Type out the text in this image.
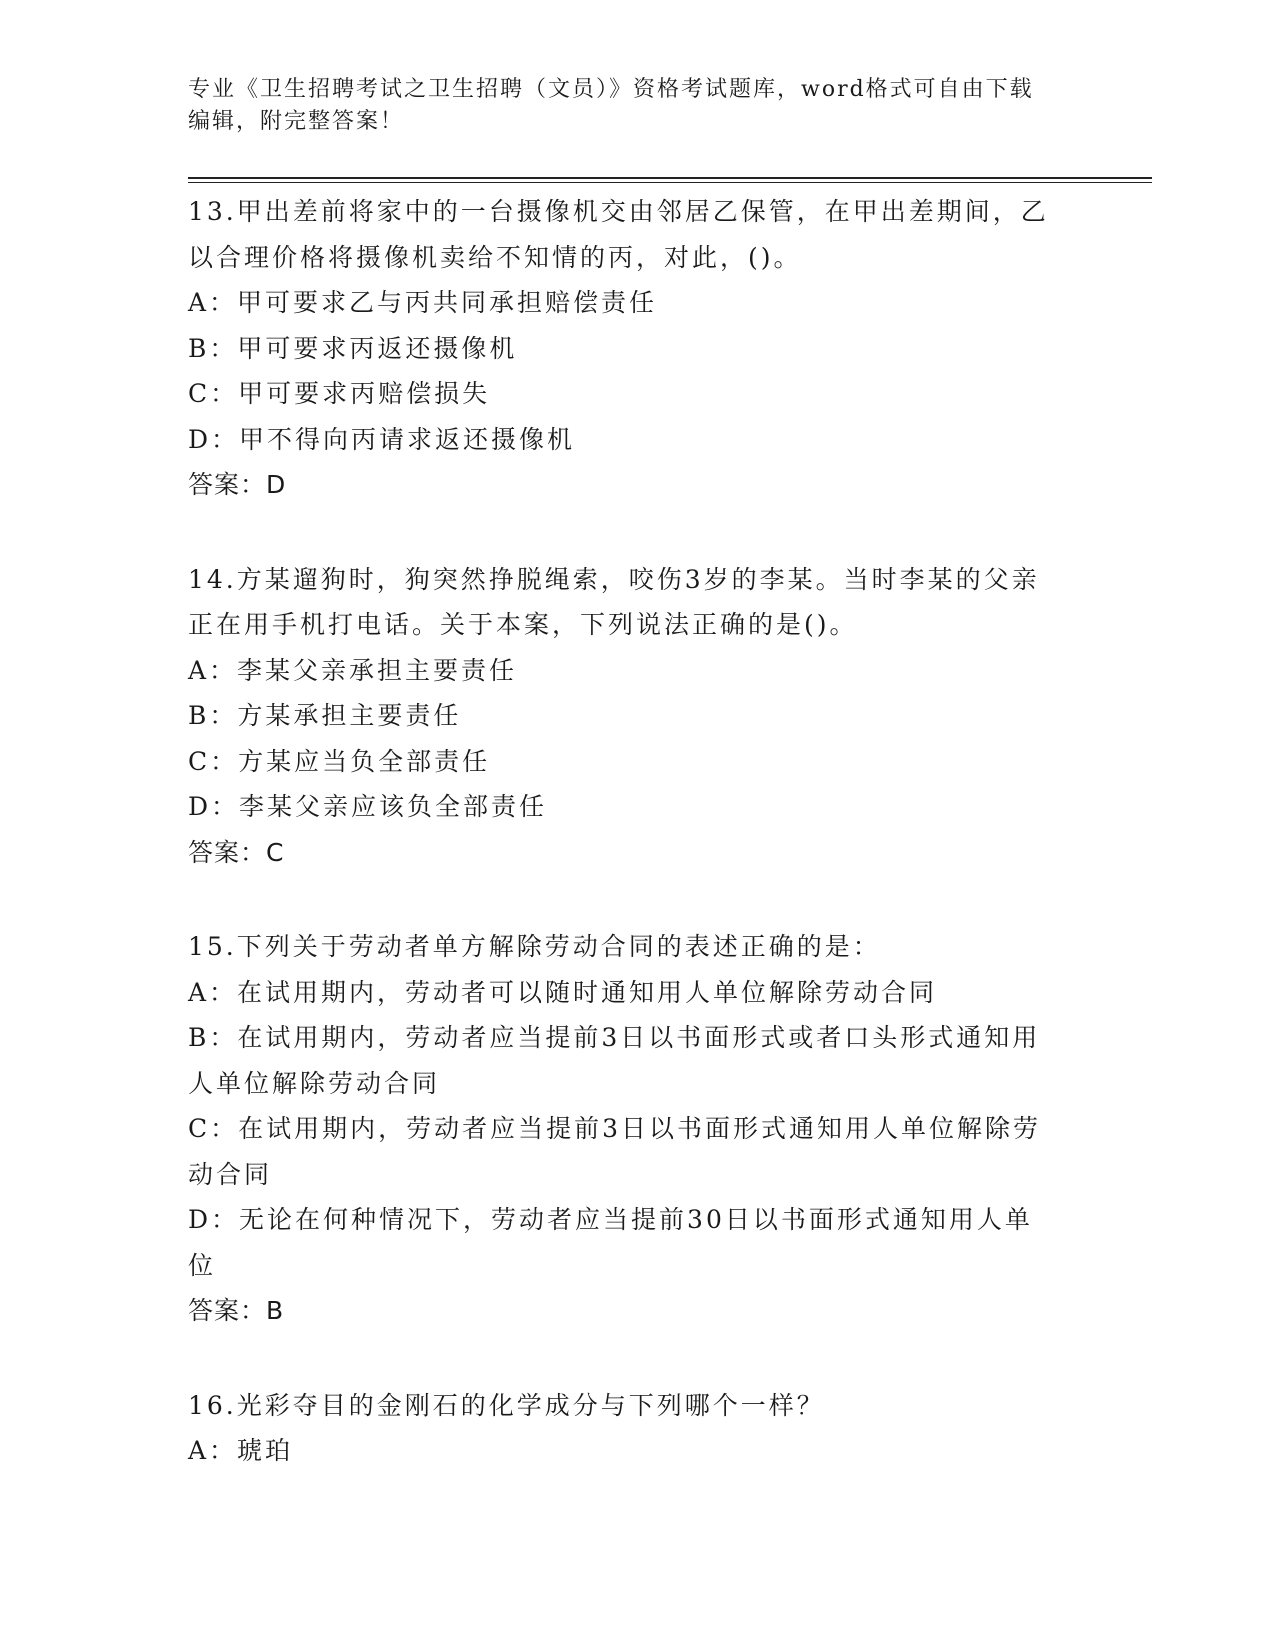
专业《卫生招聘考试之卫生招聘（文员）》资格考试题库，word格式可自由下载
编辑，附完整答案！
13.甲出差前将家中的一台摄像机交由邻居乙保管，在甲出差期间，乙
以合理价格将摄像机卖给不知情的丙，对此，()。
A：甲可要求乙与丙共同承担赔偿责任
B：甲可要求丙返还摄像机
C：甲可要求丙赔偿损失
D：甲不得向丙请求返还摄像机
答案：D
14.方某遛狗时，狗突然挣脱绳索，咬伤3岁的李某。当时李某的父亲
正在用手机打电话。关于本案，下列说法正确的是()。
A：李某父亲承担主要责任
B：方某承担主要责任
C：方某应当负全部责任
D：李某父亲应该负全部责任
答案：C
15.下列关于劳动者单方解除劳动合同的表述正确的是：
A：在试用期内，劳动者可以随时通知用人单位解除劳动合同
B：在试用期内，劳动者应当提前3日以书面形式或者口头形式通知用
人单位解除劳动合同
C：在试用期内，劳动者应当提前3日以书面形式通知用人单位解除劳
动合同
D：无论在何种情况下，劳动者应当提前30日以书面形式通知用人单
位
答案：B
16.光彩夺目的金刚石的化学成分与下列哪个一样？
A：琥珀
